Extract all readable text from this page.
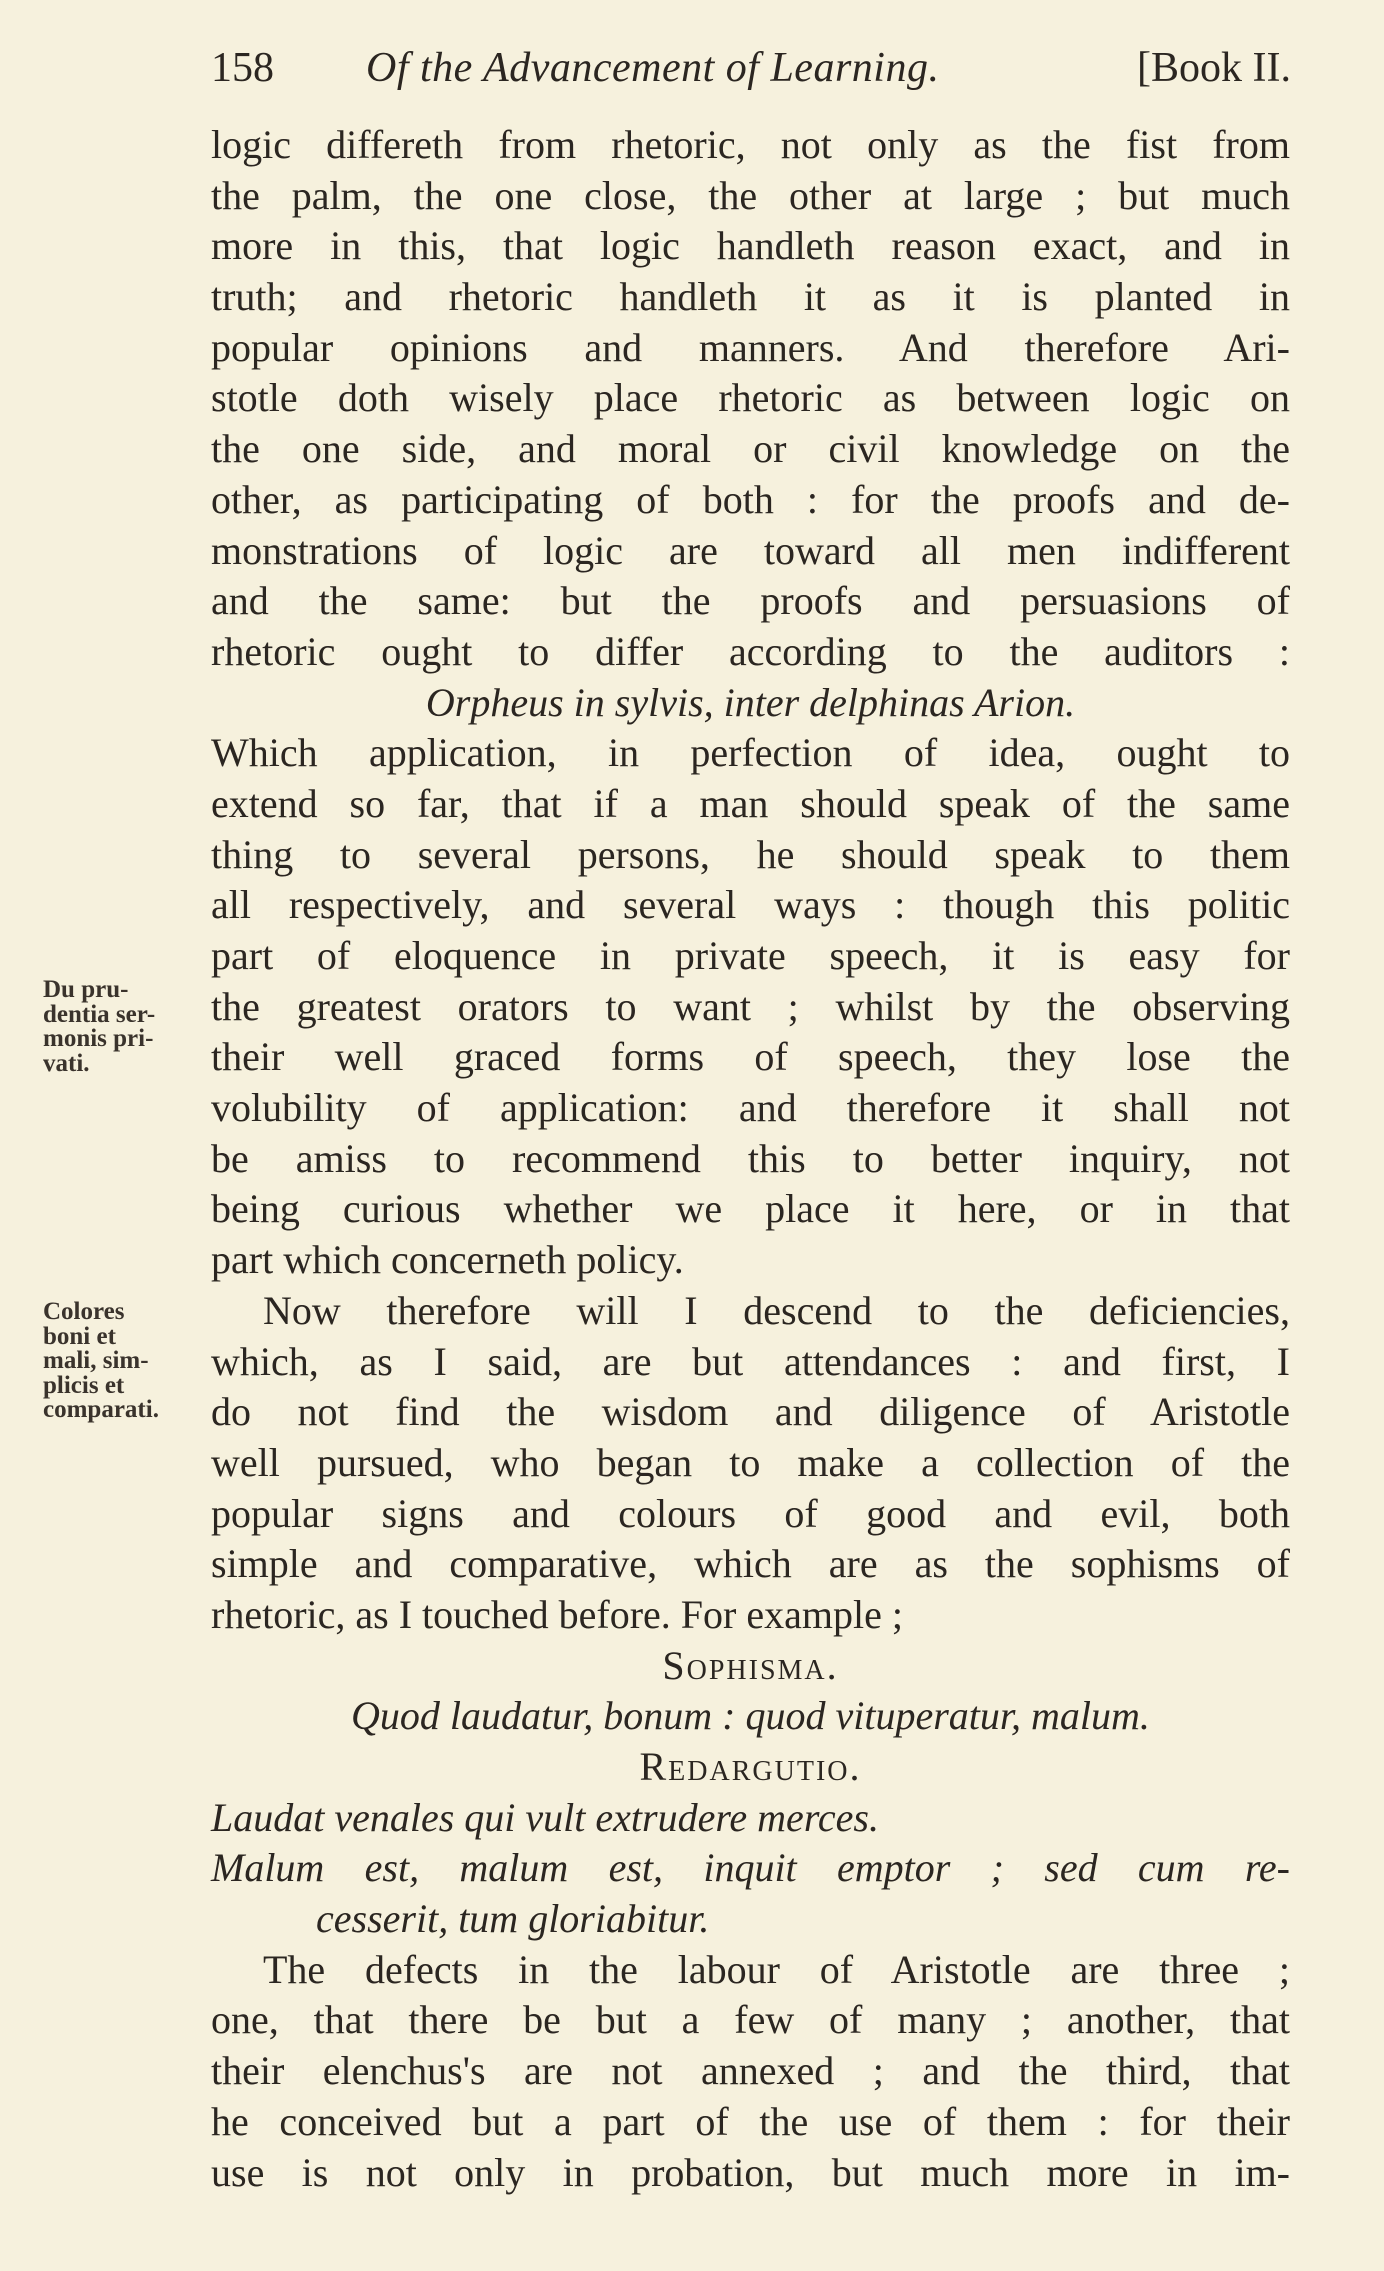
158 Of the Advancement of Learning.	[Book II.
Du pru-
dentia ser-
monis pri-
vati.
Colores
boni et
mali, sim-
plicis et
comparati.
logic differeth from rhetoric, not only as the fist from
the palm, the one close, the other at large ; but much
more in this, that logic handleth reason exact, and in
truth; and rhetoric handleth it as it is planted in
popular opinions and manners. And therefore Ari-
stotle doth wisely place rhetoric as between logic on
the one side, and moral or civil knowledge on the
other, as participating of both : for the proofs and de-
monstrations of logic are toward all men indifferent
and the same: but the proofs and persuasions of
rhetoric ought to differ according to the auditors :
Orpheus in sylvis, inter delphinas Arion.
Which application, in perfection of idea, ought to
extend so far, that if a man should speak of the same
thing to several persons, he should speak to them
all respectively, and several ways : though this politic
part of eloquence in private speech, it is easy for
the greatest orators to want ; whilst by the observing
their well graced forms of speech, they lose the
volubility of application: and therefore it shall not
be amiss to recommend this to better inquiry, not
being curious whether we place it here, or in that
part which concerneth policy.
Now therefore will I descend to the deficiencies,
which, as I said, are but attendances : and first, I
do not find the wisdom and diligence of Aristotle
well pursued, who began to make a collection of the
popular signs and colours of good and evil, both
simple and comparative, which are as the sophisms of
rhetoric, as I touched before. For example ;
Sophisma.
Quod laudatur, bonum : quod vituperatur, malum.
Redargutio.
Laudat venales qui vult extrudere merces.
Malum est, malum est, inquit emptor ; sed cum re-
cesserit, tum gloriabitur.
The defects in the labour of Aristotle are three ;
one, that there be but a few of many ; another, that
their elenchus's are not annexed ; and the third, that
he conceived but a part of the use of them : for their
use is not only in probation, but much more in im-
